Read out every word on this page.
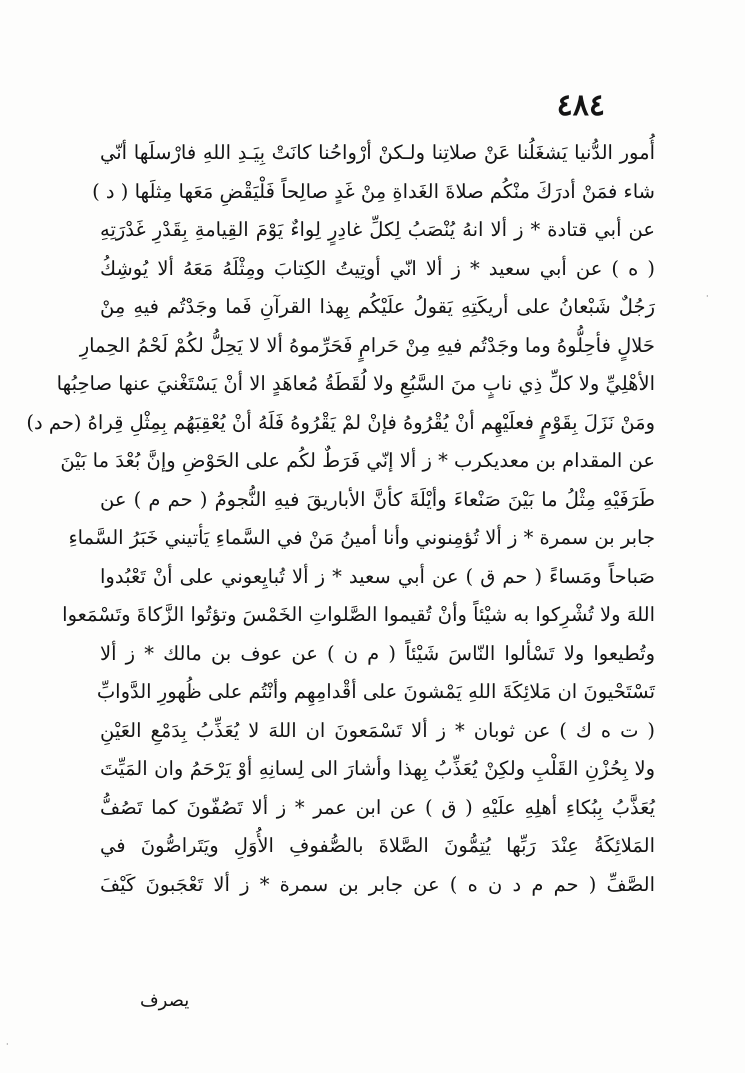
٤٨٤
أُمور الدُّنيا يَشغَلُنا عَنْ صلاتِنا ولـكنْ أرْواحُنا كانَتْ بِيَـدِ اللهِ فارْسلَها أنّي
شاء فمَنْ أدرَكَ منْكُم صلاةَ الغَداةِ مِنْ غَدٍ صالِحاً فَلْيَقْضِ مَعَها مِثلَها ( د )
عن أبي قتادة * ز ألا انهُ يُنْصَبُ لِكلِّ غادِرٍ لِواءٌ يَوْمَ القِيامةِ بِقَدْرِ غَدْرَتِهِ
( ه ) عن أبي سعيد * ز ألا انّي أوتِيتُ الكِتابَ ومِثْلَهُ مَعَهُ ألا يُوشِكُ
رَجُلٌ شَبْعانُ على أريكَتِهِ يَقولُ علَيْكُم بِهذا القرآنِ فَما وجَدْتُم فيهِ مِنْ
حَلالٍ فأحِلُّوهُ وما وجَدْتُم فيهِ مِنْ حَرامٍ فَحَرِّموهُ ألا لا يَحِلُّ لكُمْ لَحْمُ الحِمارِ
الأهْلِيِّ ولا كلِّ ذِي نابٍ منَ السَّبُعِ ولا لُقَطَةُ مُعاهَدٍ الا أنْ يَسْتَغْنيَ عنها صاحِبُها
ومَنْ نَزَلَ بِقَوْمٍ فعلَيْهِم أنْ يُقْرُوهُ فإنْ لمْ يَقْرُوهُ فَلَهُ أنْ يُعْقِبَهُم بِمِثْلِ قِراهُ (حم د)
عن المقدام بن معديكرب * ز ألا إنّي فَرَطٌ لكُم على الحَوْضِ وإنَّ بُعْدَ ما بَيْنَ
طَرَفَيْهِ مِثْلُ ما بَيْنَ صَنْعاءَ وأيْلَةَ كأنَّ الأباريقَ فيهِ النُّجومُ ( حم م ) عن
جابر بن سمرة * ز ألا تُؤمِنوني وأنا أمينُ مَنْ في السَّماءِ يَأتيني خَبَرُ السَّماءِ
صَباحاً ومَساءً ( حم ق ) عن أبي سعيد * ز ألا تُبايِعوني على أنْ تَعْبُدوا
اللهَ ولا تُشْرِكوا به شيْئاً وأنْ تُقيموا الصَّلواتِ الخَمْسَ وتؤتُوا الزَّكاةَ وتَسْمَعوا
وتُطيعوا ولا تَسْألوا النّاسَ شَيْئاً ( م ن ) عن عوف بن مالك * ز ألا
تَسْتَحْيونَ ان مَلائِكَةَ اللهِ يَمْشونَ على أقْدامِهِم وأنْتُم على ظُهورِ الدَّوابِّ
( ت ه ك ) عن ثوبان * ز ألا تَسْمَعونَ ان اللهَ لا يُعَذِّبُ بِدَمْعِ العَيْنِ
ولا بِحُزْنِ القَلْبِ ولكِنْ يُعَذِّبُ بِهذا وأشارَ الى لِسانِهِ أوْ يَرْحَمُ وان المَيِّتَ
يُعَذَّبُ بِبُكاءِ أهلِهِ علَيْهِ ( ق ) عن ابن عمر * ز ألا تَصُفّونَ كما تَصُفُّ
المَلائِكَةُ عِنْدَ رَبِّها يُتِمُّونَ الصَّلاةَ بالصُّفوفِ الأُوَلِ ويَتَراصُّونَ في
الصَّفِّ ( حم م د ن ه ) عن جابر بن سمرة * ز ألا تَعْجَبونَ كَيْفَ
يصرف
·
·
